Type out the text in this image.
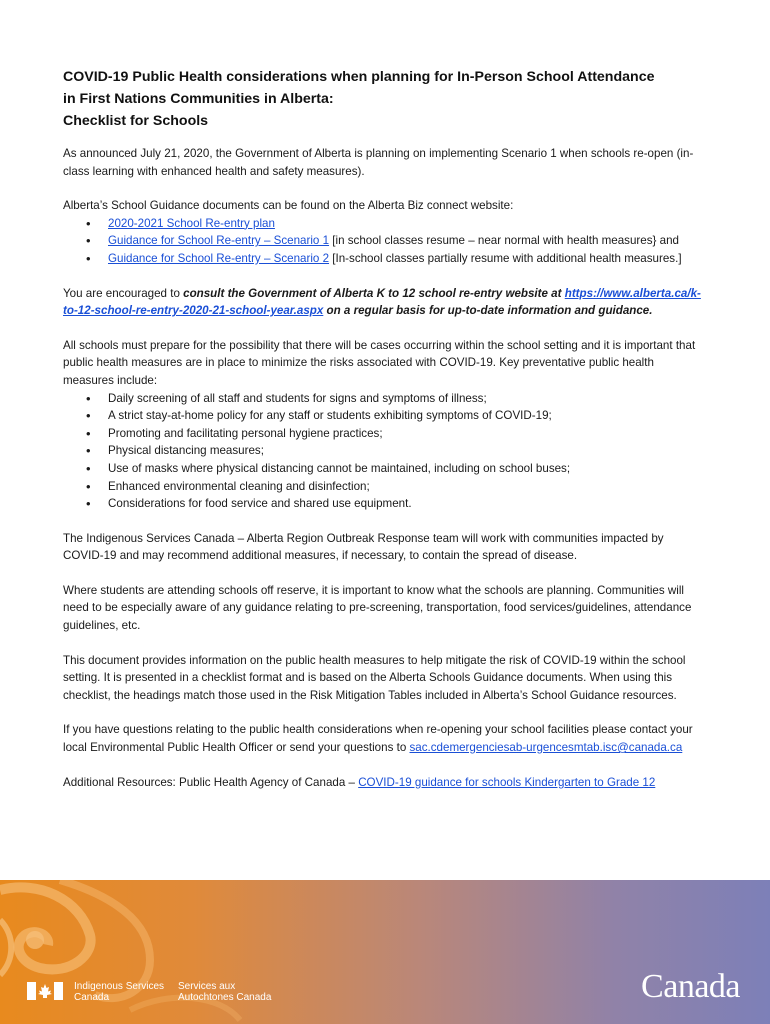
COVID-19 Public Health considerations when planning for In-Person School Attendance
in First Nations Communities in Alberta:
Checklist for Schools

As announced July 21, 2020, the Government of Alberta is planning on implementing Scenario 1 when schools re-open (in-class learning with enhanced health and safety measures).

Alberta’s School Guidance documents can be found on the Alberta Biz connect website:

• 2020-2021 School Re-entry plan
• Guidance for School Re-entry – Scenario 1 [in school classes resume – near normal with health measures} and
• Guidance for School Re-entry – Scenario 2 [In-school classes partially resume with additional health measures.]

You are encouraged to consult the Government of Alberta K to 12 school re-entry website at https://www.alberta.ca/k-to-12-school-re-entry-2020-21-school-year.aspx on a regular basis for up-to-date information and guidance.

All schools must prepare for the possibility that there will be cases occurring within the school setting and it is important that public health measures are in place to minimize the risks associated with COVID-19. Key preventative public health measures include:

• Daily screening of all staff and students for signs and symptoms of illness;
• A strict stay-at-home policy for any staff or students exhibiting symptoms of COVID-19;
• Promoting and facilitating personal hygiene practices;
• Physical distancing measures;
• Use of masks where physical distancing cannot be maintained, including on school buses;
• Enhanced environmental cleaning and disinfection;
• Considerations for food service and shared use equipment.

The Indigenous Services Canada – Alberta Region Outbreak Response team will work with communities impacted by COVID-19 and may recommend additional measures, if necessary, to contain the spread of disease.

Where students are attending schools off reserve, it is important to know what the schools are planning. Communities will need to be especially aware of any guidance relating to pre-screening, transportation, food services/guidelines, attendance guidelines, etc.

This document provides information on the public health measures to help mitigate the risk of COVID-19 within the school setting. It is presented in a checklist format and is based on the Alberta Schools Guidance documents. When using this checklist, the headings match those used in the Risk Mitigation Tables included in Alberta’s School Guidance resources.

If you have questions relating to the public health considerations when re-opening your school facilities please contact your local Environmental Public Health Officer or send your questions to sac.cdemergenciesab-urgencesmtab.isc@canada.ca

Additional Resources: Public Health Agency of Canada – COVID-19 guidance for schools Kindergarten to Grade 12

Indigenous Services
Canada
Services aux
Autochtones Canada	Canada
